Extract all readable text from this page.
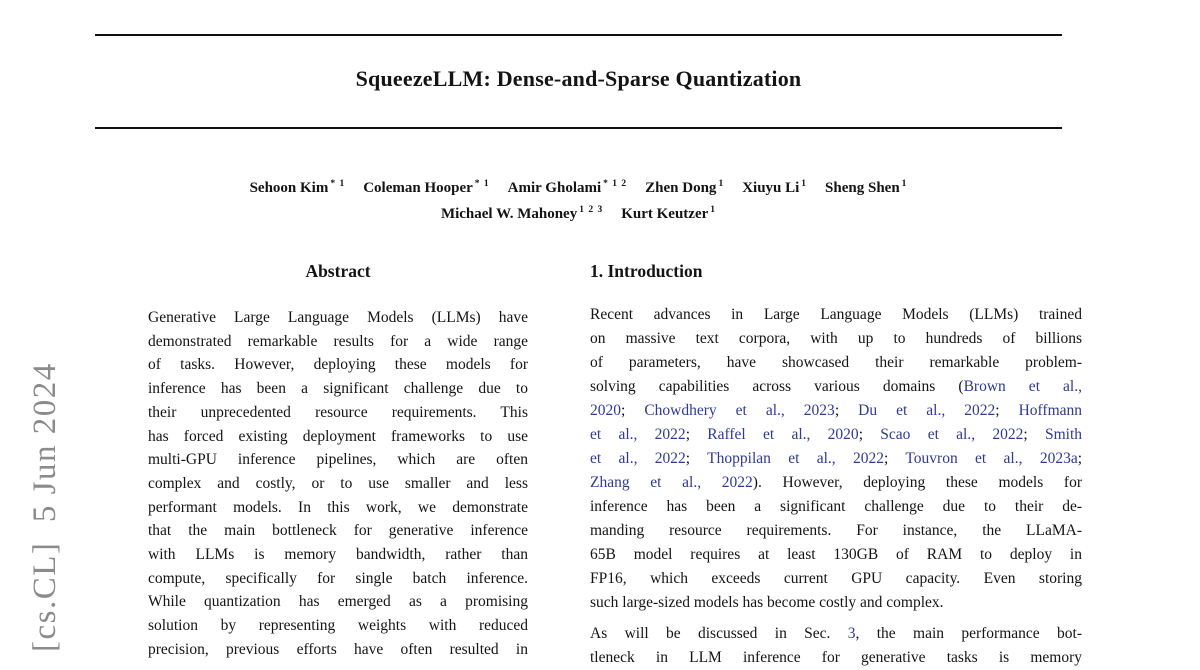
[cs.CL]  5 Jun 2024
SqueezeLLM: Dense-and-Sparse Quantization
Sehoon Kim $^{* 1}$ Coleman Hooper $^{* 1}$ Amir Gholami $^{* 1 2}$ Zhen Dong $^1$ Xiuyu Li $^1$ Sheng Shen $^1$
Michael W. Mahoney $^{1 2 3}$ Kurt Keutzer $^1$
Abstract
Generative Large Language Models (LLMs) have
demonstrated remarkable results for a wide range
of tasks. However, deploying these models for
inference has been a significant challenge due to
their unprecedented resource requirements. This
has forced existing deployment frameworks to use
multi-GPU inference pipelines, which are often
complex and costly, or to use smaller and less
performant models. In this work, we demonstrate
that the main bottleneck for generative inference
with LLMs is memory bandwidth, rather than
compute, specifically for single batch inference.
While quantization has emerged as a promising
solution by representing weights with reduced
precision, previous efforts have often resulted in
1. Introduction
Recent advances in Large Language Models (LLMs) trained
on massive text corpora, with up to hundreds of billions
of parameters, have showcased their remarkable problem-
solving capabilities across various domains (Brown et al.,
2020; Chowdhery et al., 2023; Du et al., 2022; Hoffmann
et al., 2022; Raffel et al., 2020; Scao et al., 2022; Smith
et al., 2022; Thoppilan et al., 2022; Touvron et al., 2023a;
Zhang et al., 2022). However, deploying these models for
inference has been a significant challenge due to their de-
manding resource requirements. For instance, the LLaMA-
65B model requires at least 130GB of RAM to deploy in
FP16, which exceeds current GPU capacity. Even storing
such large-sized models has become costly and complex.
As will be discussed in Sec. 3, the main performance bot-
tleneck in LLM inference for generative tasks is memory
